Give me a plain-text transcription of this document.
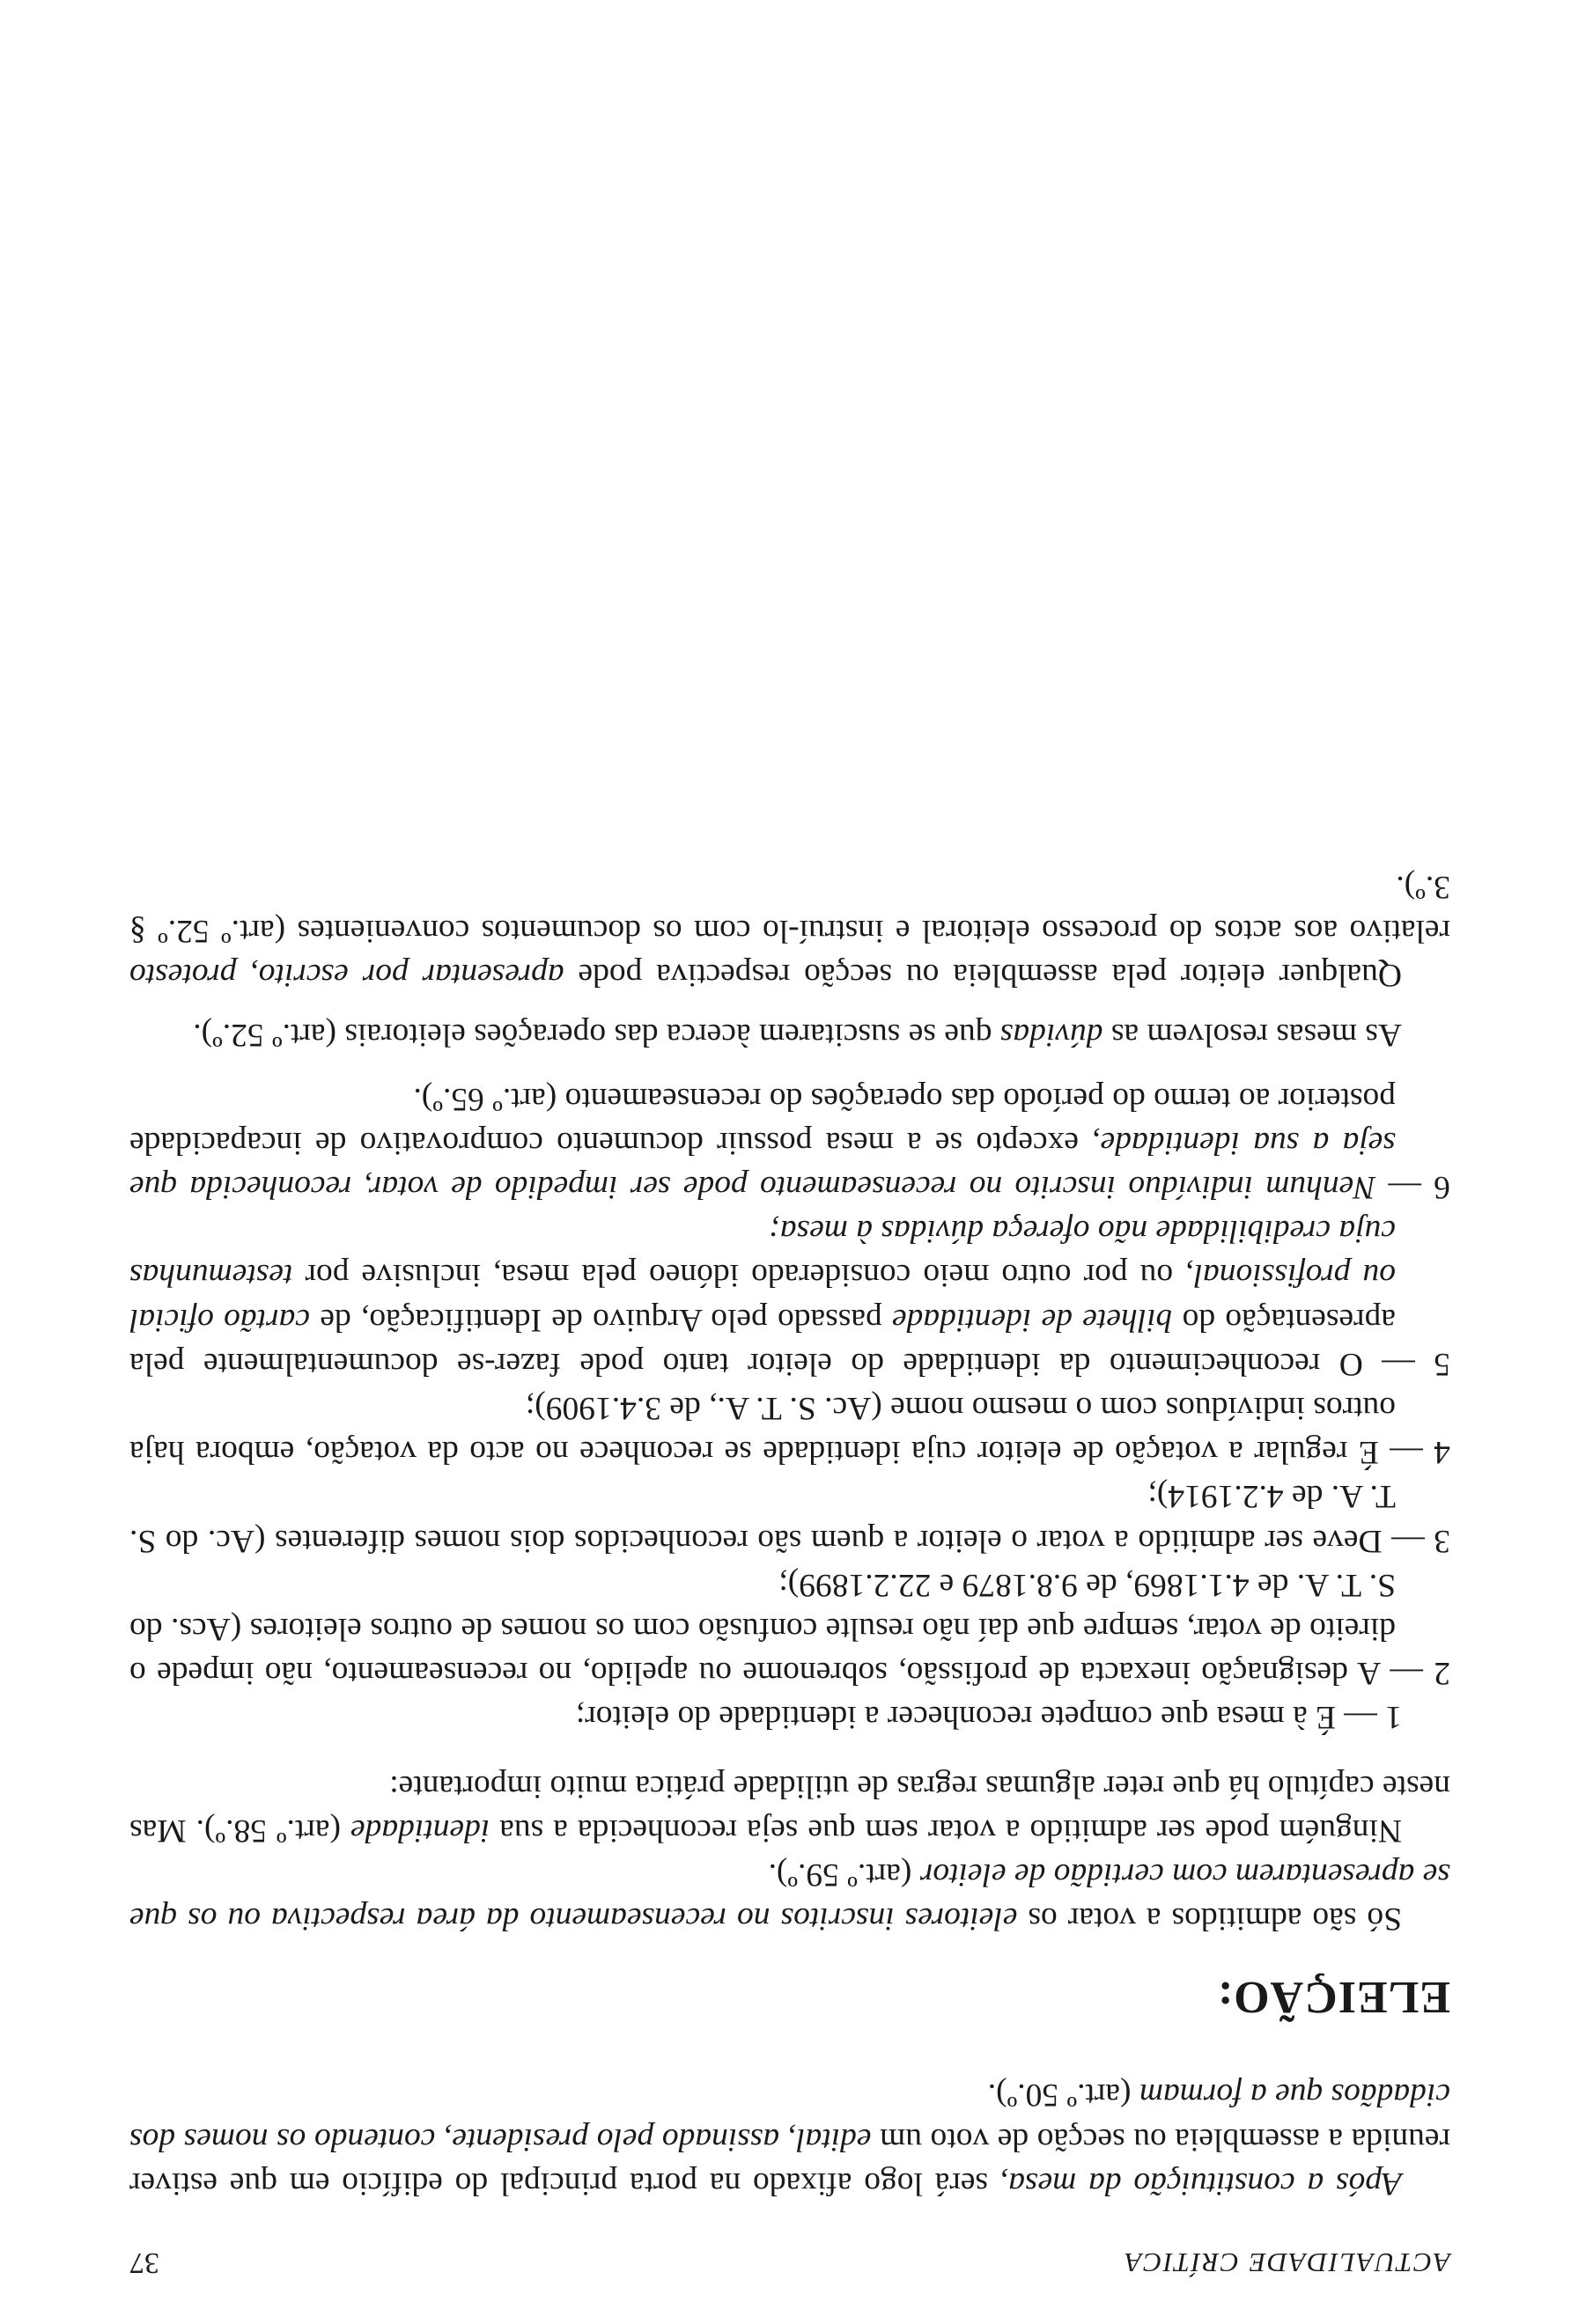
ACTUALIDADE CRÍTICA
37

Após a constituição da mesa, será logo afixado na porta principal do edifício em que estiver reunida a assembleia ou secção de voto um edital, assinado pelo presidente, contendo os nomes dos cidadãos que a formam (art.º 50.º).

ELEIÇÃO:

Só são admitidos a votar os eleitores inscritos no recenseamento da área respectiva ou os que se apresentarem com certidão de eleitor (art.º 59.º).

Ninguém pode ser admitido a votar sem que seja reconhecida a sua identidade (art.º 58.º). Mas neste capítulo há que reter algumas regras de utilidade prática muito importante:

1 — É à mesa que compete reconhecer a identidade do eleitor;

2 — A designação inexacta de profissão, sobrenome ou apelido, no recenseamento, não impede o direito de votar, sempre que daí não resulte confusão com os nomes de outros eleitores (Acs. do S. T. A. de 4.1.1869, de 9.8.1879 e 22.2.1899);

3 — Deve ser admitido a votar o eleitor a quem são reconhecidos dois nomes diferentes (Ac. do S. T. A. de 4.2.1914);

4 — É regular a votação de eleitor cuja identidade se reconhece no acto da votação, embora haja outros indivíduos com o mesmo nome (Ac. S. T. A., de 3.4.1909);

5 — O reconhecimento da identidade do eleitor tanto pode fazer-se documentalmente pela apresentação do bilhete de identidade passado pelo Arquivo de Identificação, de cartão oficial ou profissional, ou por outro meio considerado idóneo pela mesa, inclusive por testemunhas cuja credibilidade não ofereça dúvidas à mesa;

6 — Nenhum indivíduo inscrito no recenseamento pode ser impedido de votar, reconhecida que seja a sua identidade, excepto se a mesa possuir documento comprovativo de incapacidade posterior ao termo do período das operações do recenseamento (art.º 65.º).

As mesas resolvem as dúvidas que se suscitarem àcerca das operações eleitorais (art.º 52.º).

Qualquer eleitor pela assembleia ou secção respectiva pode apresentar por escrito, protesto relativo aos actos do processo eleitoral e instruí-lo com os documentos convenientes (art.º 52.º § 3.º).
